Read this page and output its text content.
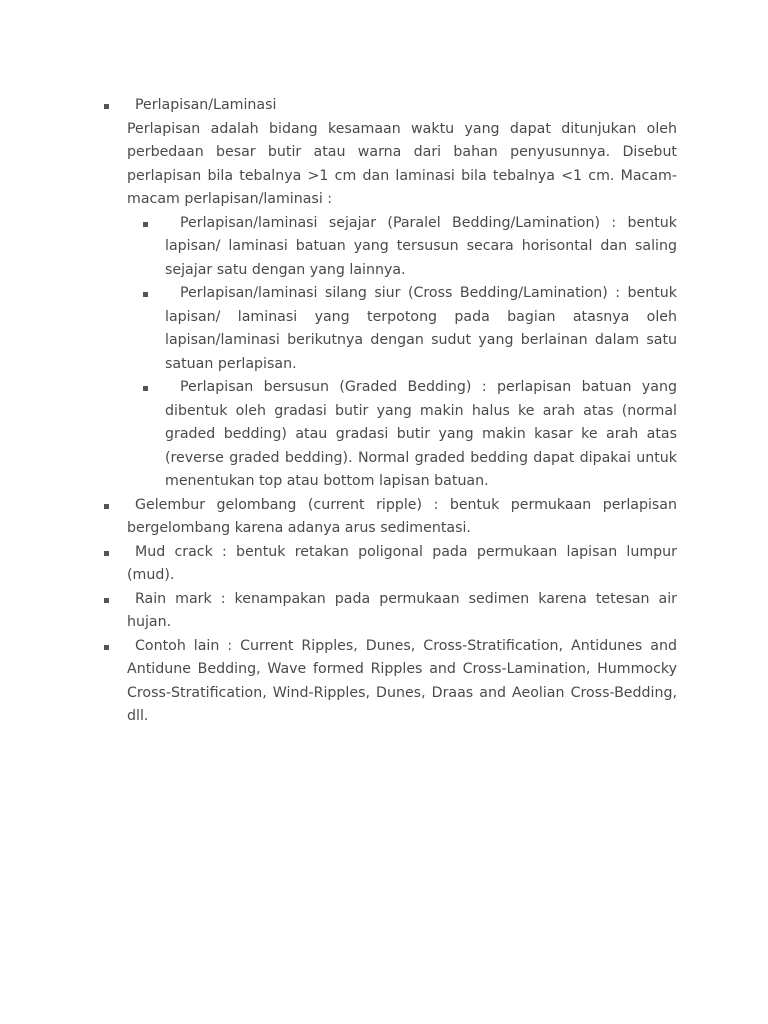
Perlapisan/Laminasi
Perlapisan adalah bidang kesamaan waktu yang dapat ditunjukan oleh perbedaan besar butir atau warna dari bahan penyusunnya. Disebut perlapisan bila tebalnya >1 cm dan laminasi bila tebalnya <1 cm. Macam-macam perlapisan/laminasi :
Perlapisan/laminasi sejajar (Paralel Bedding/Lamination) : bentuk lapisan/ laminasi batuan yang tersusun secara horisontal dan saling sejajar satu dengan yang lainnya.
Perlapisan/laminasi silang siur (Cross Bedding/Lamination) : bentuk lapisan/ laminasi yang terpotong pada bagian atasnya oleh lapisan/laminasi berikutnya dengan sudut yang berlainan dalam satu satuan perlapisan.
Perlapisan bersusun (Graded Bedding) : perlapisan batuan yang dibentuk oleh gradasi butir yang makin halus ke arah atas (normal graded bedding) atau gradasi butir yang makin kasar ke arah atas (reverse graded bedding). Normal graded bedding dapat dipakai untuk menentukan top atau bottom lapisan batuan.
Gelembur gelombang (current ripple) : bentuk permukaan perlapisan bergelombang karena adanya arus sedimentasi.
Mud crack : bentuk retakan poligonal pada permukaan lapisan lumpur (mud).
Rain mark : kenampakan pada permukaan sedimen karena tetesan air hujan.
Contoh lain : Current Ripples, Dunes, Cross-Stratification, Antidunes and Antidune Bedding, Wave formed Ripples and Cross-Lamination, Hummocky Cross-Stratification, Wind-Ripples, Dunes, Draas and Aeolian Cross-Bedding, dll.
